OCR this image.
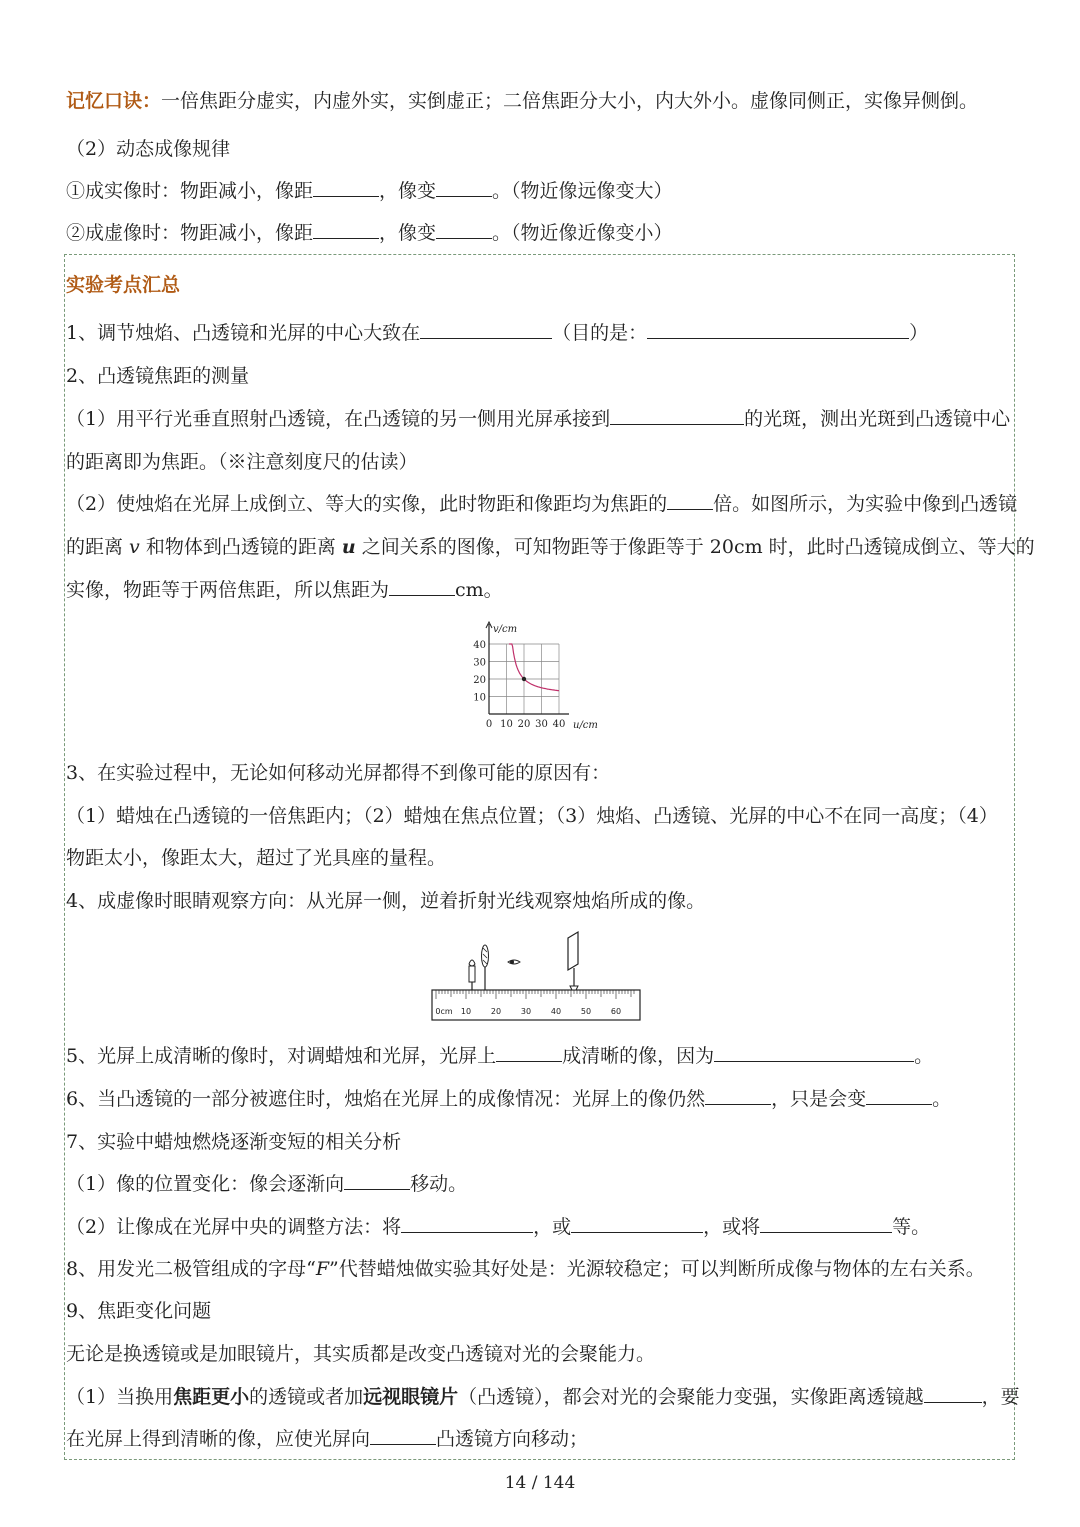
记忆口诀：一倍焦距分虚实，内虚外实，实倒虚正；二倍焦距分大小，内大外小。虚像同侧正，实像异侧倒。
（2）动态成像规律
①成实像时：物距减小，像距	，像变	。（物近像远像变大）
②成虚像时：物距减小，像距	，像变	。（物近像近像变小）
实验考点汇总
1、调节烛焰、凸透镜和光屏的中心大致在	（目的是：	）
2、凸透镜焦距的测量
（1）用平行光垂直照射凸透镜，在凸透镜的另一侧用光屏承接到	的光斑，测出光斑到凸透镜中心
的距离即为焦距。（※注意刻度尺的估读）
（2）使烛焰在光屏上成倒立、等大的实像，此时物距和像距均为焦距的 倍。如图所示，为实验中像到凸透镜
的距离 v 和物体到凸透镜的距离 u 之间关系的图像，可知物距等于像距等于 20cm 时，此时凸透镜成倒立、等大的
实像，物距等于两倍焦距，所以焦距为	cm。
0 10 20 30 40
10
20
30
40
v/cm
u/cm
3、在实验过程中，无论如何移动光屏都得不到像可能的原因有：
（1）蜡烛在凸透镜的一倍焦距内；（2）蜡烛在焦点位置；（3）烛焰、凸透镜、光屏的中心不在同一高度；（4）
物距太小，像距太大，超过了光具座的量程。
4、成虚像时眼睛观察方向：从光屏一侧，逆着折射光线观察烛焰所成的像。
0cm 10 20 30 40 50 60
5、光屏上成清晰的像时，对调蜡烛和光屏，光屏上	成清晰的像，因为	。
6、当凸透镜的一部分被遮住时，烛焰在光屏上的成像情况：光屏上的像仍然	，只是会变	。
7、实验中蜡烛燃烧逐渐变短的相关分析
（1）像的位置变化：像会逐渐向	移动。
（2）让像成在光屏中央的调整方法：将	，或	，或将	等。
8、用发光二极管组成的字母“F”代替蜡烛做实验其好处是：光源较稳定；可以判断所成像与物体的左右关系。
9、焦距变化问题
无论是换透镜或是加眼镜片，其实质都是改变凸透镜对光的会聚能力。
（1）当换用焦距更小的透镜或者加远视眼镜片（凸透镜），都会对光的会聚能力变强，实像距离透镜越	，要
在光屏上得到清晰的像，应使光屏向	凸透镜方向移动；
14 / 144
